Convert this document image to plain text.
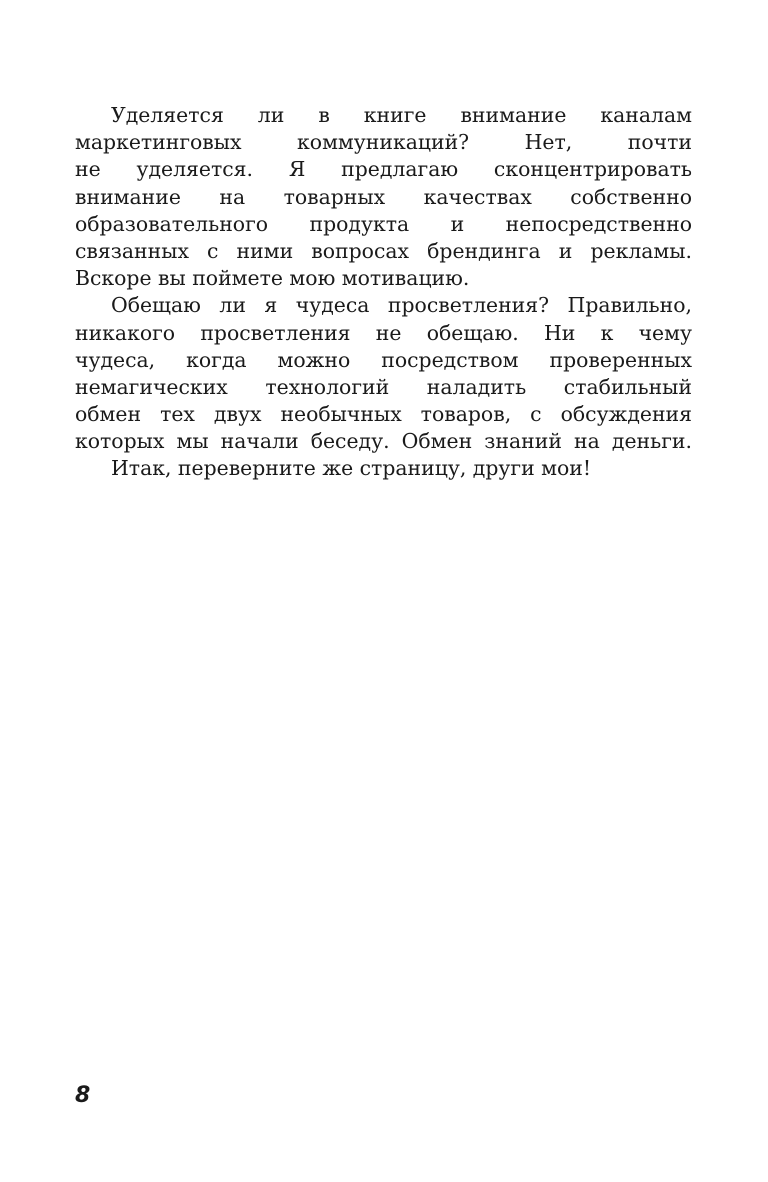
Уделяется ли в книге внимание каналам
маркетинговых коммуникаций? Нет, почти
не уделяется. Я предлагаю сконцентрировать
внимание на товарных качествах собственно
образовательного продукта и непосредственно
связанных с ними вопросах брендинга и рекламы.
Вскоре вы поймете мою мотивацию.
Обещаю ли я чудеса просветления? Правильно,
никакого просветления не обещаю. Ни к чему
чудеса, когда можно посредством проверенных
немагических технологий наладить стабильный
обмен тех двух необычных товаров, с обсуждения
которых мы начали беседу. Обмен знаний на деньги.
Итак, переверните же страницу, други мои!
8
